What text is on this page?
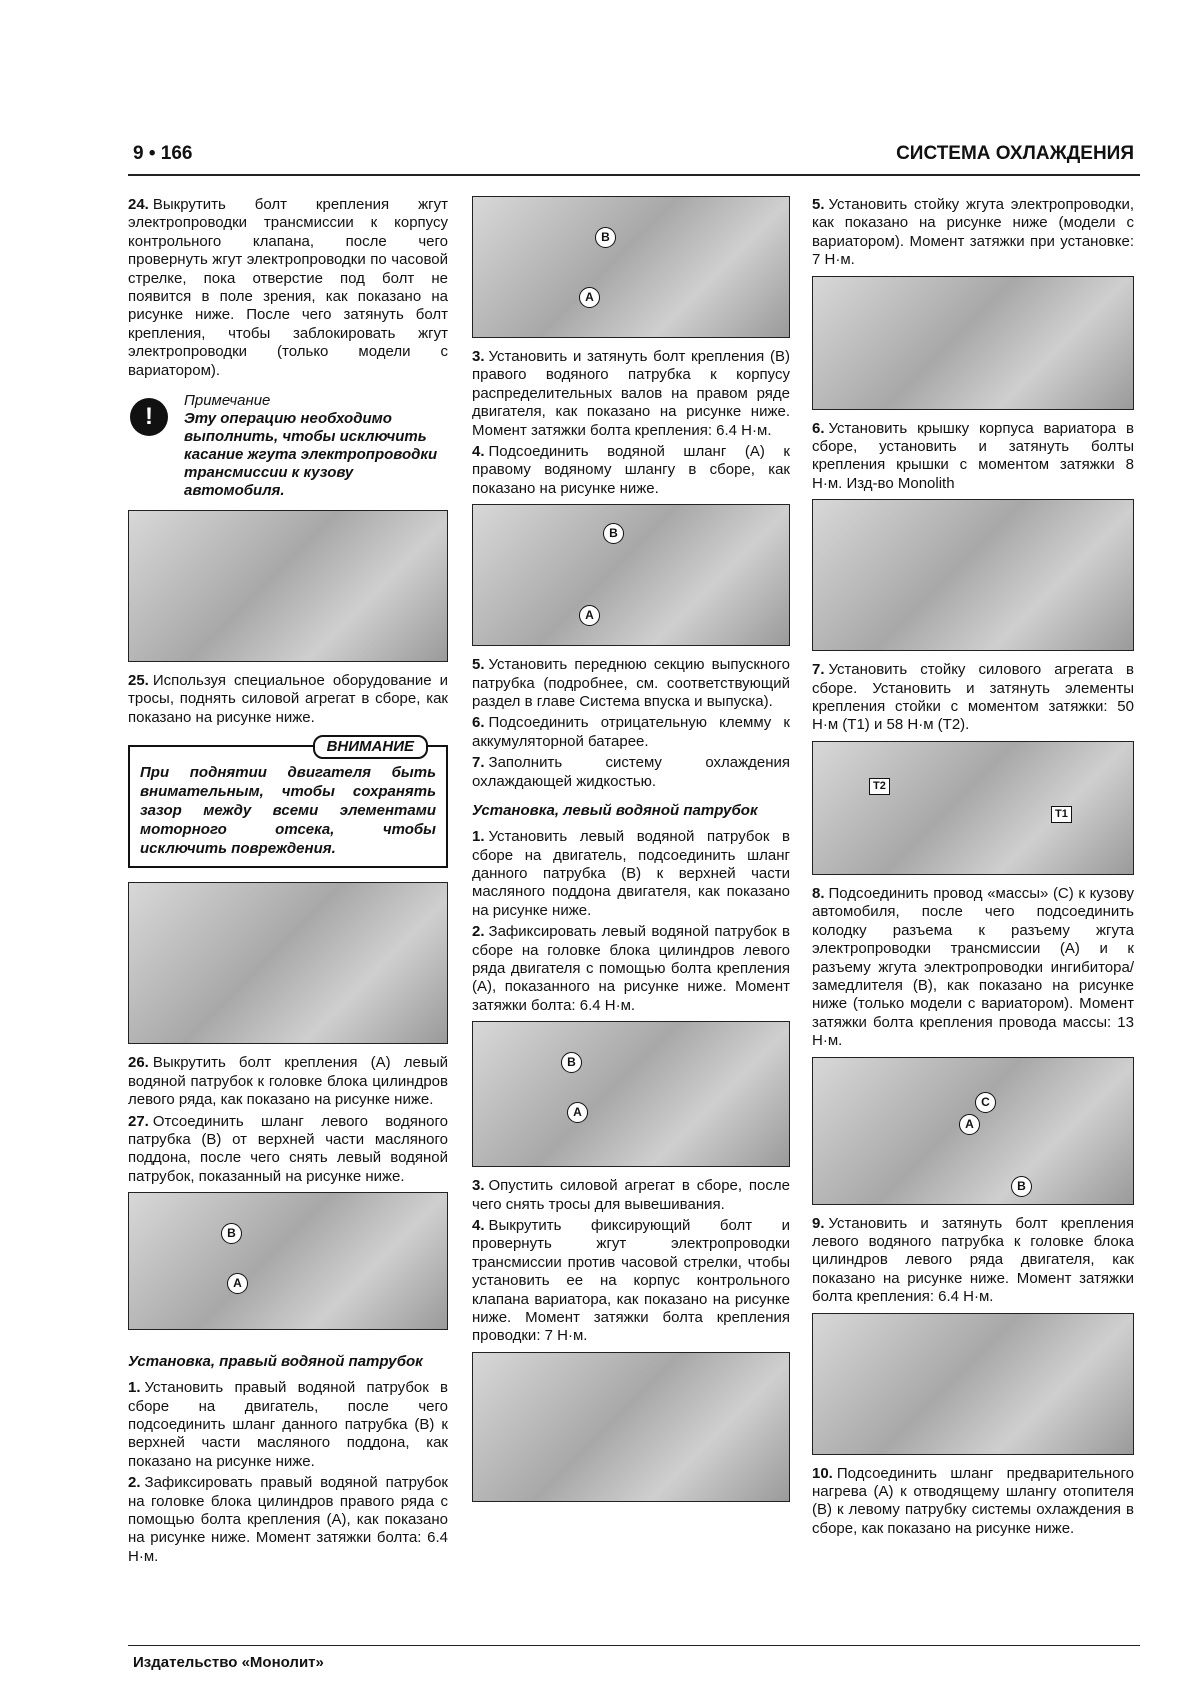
9 • 166	СИСТЕМА ОХЛАЖДЕНИЯ

24. Выкрутить болт крепления жгут электропроводки трансмиссии к корпусу контрольного клапана, после чего провернуть жгут электропроводки по часовой стрелке, пока отверстие под болт не появится в поле зрения, как показано на рисунке ниже. После чего затянуть болт крепления, чтобы заблокировать жгут электропроводки (только модели с вариатором).

!
Примечание
Эту операцию необходимо выполнить, чтобы исключить касание жгута электропроводки трансмиссии к кузову автомобиля.

25. Используя специальное оборудование и тросы, поднять силовой агрегат в сборе, как показано на рисунке ниже.

ВНИМАНИЕ
При поднятии двигателя быть внимательным, чтобы сохранять зазор между всеми элементами моторного отсека, чтобы исключить повреждения.

26. Выкрутить болт крепления (A) левый водяной патрубок к головке блока цилиндров левого ряда, как показано на рисунке ниже.

27. Отсоединить шланг левого водяного патрубка (B) от верхней части масляного поддона, после чего снять левый водяной патрубок, показанный на рисунке ниже.

B
A
Установка, правый водяной патрубок

1. Установить правый водяной патрубок в сборе на двигатель, после чего подсоединить шланг данного патрубка (B) к верхней части масляного поддона, как показано на рисунке ниже.

2. Зафиксировать правый водяной патрубок на головке блока цилиндров правого ряда с помощью болта крепления (A), как показано на рисунке ниже. Момент затяжки болта: 6.4 Н·м.

B
A

3. Установить и затянуть болт крепления (B) правого водяного патрубка к корпусу распределительных валов на правом ряде двигателя, как показано на рисунке ниже. Момент затяжки болта крепления: 6.4 Н·м.

4. Подсоединить водяной шланг (A) к правому водяному шлангу в сборе, как показано на рисунке ниже.

B
A

5. Установить переднюю секцию выпускного патрубка (подробнее, см. соответствующий раздел в главе Система впуска и выпуска).

6. Подсоединить отрицательную клемму к аккумуляторной батарее.

7. Заполнить систему охлаждения охлаждающей жидкостью.

Установка, левый водяной патрубок

1. Установить левый водяной патрубок в сборе на двигатель, подсоединить шланг данного патрубка (B) к верхней части масляного поддона двигателя, как показано на рисунке ниже.

2. Зафиксировать левый водяной патрубок в сборе на головке блока цилиндров левого ряда двигателя с помощью болта крепления (A), показанного на рисунке ниже. Момент затяжки болта: 6.4 Н·м.

B
A

3. Опустить силовой агрегат в сборе, после чего снять тросы для вывешивания.

4. Выкрутить фиксирующий болт и провернуть жгут электропроводки трансмиссии против часовой стрелки, чтобы установить ее на корпус контрольного клапана вариатора, как показано на рисунке ниже. Момент затяжки болта крепления проводки: 7 Н·м.

5. Установить стойку жгута электропроводки, как показано на рисунке ниже (модели с вариатором). Момент затяжки при установке: 7 Н·м.

6. Установить крышку корпуса вариатора в сборе, установить и затянуть болты крепления крышки с моментом затяжки 8 Н·м. Изд-во Monolith

7. Установить стойку силового агрегата в сборе. Установить и затянуть элементы крепления стойки с моментом затяжки: 50 Н·м (T1) и 58 Н·м (T2).

T2
T1

8. Подсоединить провод «массы» (C) к кузову автомобиля, после чего подсоединить колодку разъема к разъему жгута электропроводки трансмиссии (A) и к разъему жгута электропроводки ингибитора/замедлителя (B), как показано на рисунке ниже (только модели с вариатором). Момент затяжки болта крепления провода массы: 13 Н·м.

C
A
B

9. Установить и затянуть болт крепления левого водяного патрубка к головке блока цилиндров левого ряда двигателя, как показано на рисунке ниже. Момент затяжки болта крепления: 6.4 Н·м.

10. Подсоединить шланг предварительного нагрева (A) к отводящему шлангу отопителя (B) к левому патрубку системы охлаждения в сборе, как показано на рисунке ниже.

Издательство «Монолит»
